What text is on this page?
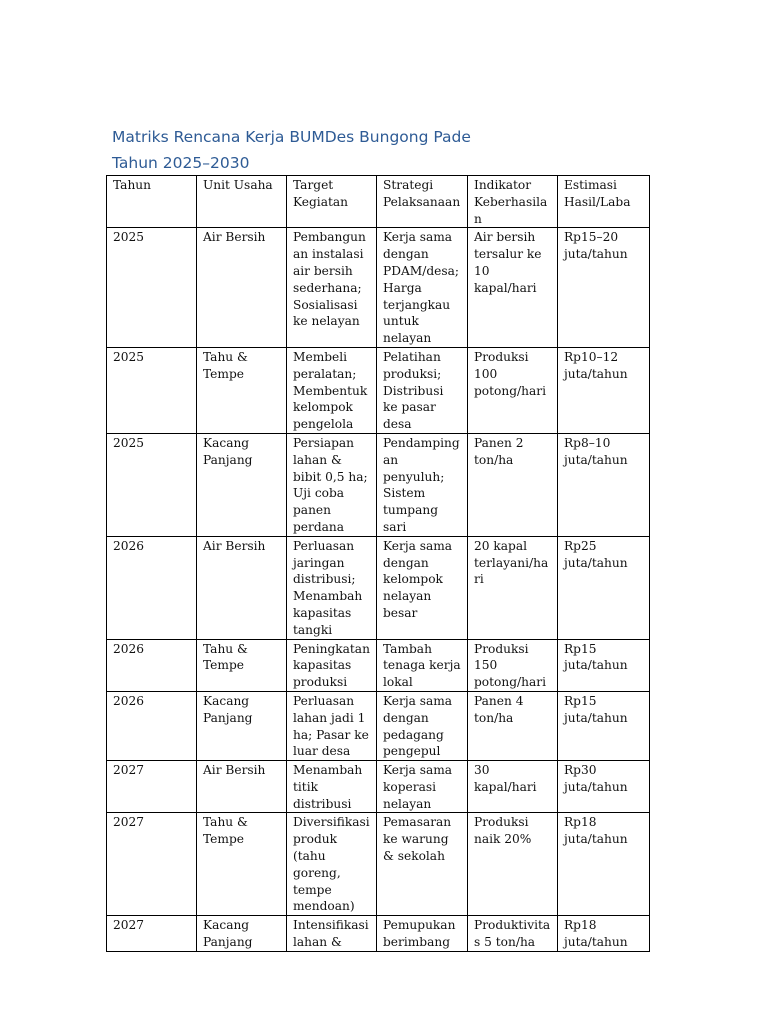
Matriks Rencana Kerja BUMDes Bungong Pade
Tahun 2025–2030
Tahun	Unit Usaha	Target Kegiatan	Strategi Pelaksanaan	Indikator Keberhasilan	Estimasi Hasil/Laba
2025	Air Bersih	Pembangunan instalasi air bersih sederhana; Sosialisasi ke nelayan	Kerja sama dengan PDAM/desa; Harga terjangkau untuk nelayan	Air bersih tersalur ke 10 kapal/hari	Rp15–20 juta/tahun
2025	Tahu & Tempe	Membeli peralatan; Membentuk kelompok pengelola	Pelatihan produksi; Distribusi ke pasar desa	Produksi 100 potong/hari	Rp10–12 juta/tahun
2025	Kacang Panjang	Persiapan lahan & bibit 0,5 ha; Uji coba panen perdana	Pendampingan penyuluh; Sistem tumpang sari	Panen 2 ton/ha	Rp8–10 juta/tahun
2026	Air Bersih	Perluasan jaringan distribusi; Menambah kapasitas tangki	Kerja sama dengan kelompok nelayan besar	20 kapal terlayani/hari	Rp25 juta/tahun
2026	Tahu & Tempe	Peningkatan kapasitas produksi	Tambah tenaga kerja lokal	Produksi 150 potong/hari	Rp15 juta/tahun
2026	Kacang Panjang	Perluasan lahan jadi 1 ha; Pasar ke luar desa	Kerja sama dengan pedagang pengepul	Panen 4 ton/ha	Rp15 juta/tahun
2027	Air Bersih	Menambah titik distribusi	Kerja sama koperasi nelayan	30 kapal/hari	Rp30 juta/tahun
2027	Tahu & Tempe	Diversifikasi produk (tahu goreng, tempe mendoan)	Pemasaran ke warung & sekolah	Produksi naik 20%	Rp18 juta/tahun
2027	Kacang Panjang	Intensifikasi lahan &	Pemupukan berimbang	Produktivitas 5 ton/ha	Rp18 juta/tahun
